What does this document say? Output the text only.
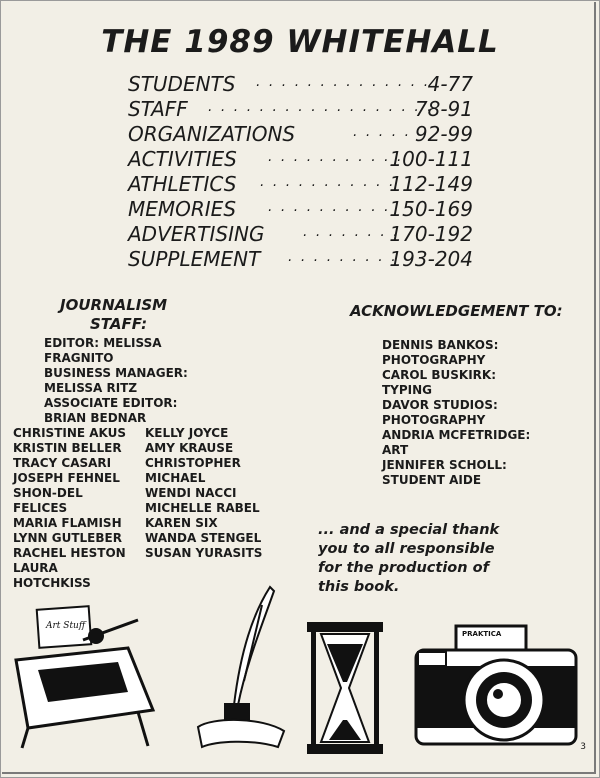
THE 1989 WHITEHALL
STUDENTS . . . . . . . . . . . . . .
4-77
STAFF . . . . . . . . . . . . . . . . . .
78-91
ORGANIZATIONS	. . . . . 92-99
ACTIVITIES . . . . . . . . . . .
100-111
ATHLETICS . . . . . . . . . . .
112-149
MEMORIES . . . . . . . . . .
150-169
ADVERTISING	. . . . . . . .
170-192
SUPPLEMENT . . . . . . . . .
193-204
JOURNALISM
STAFF:
EDITOR: MELISSA
FRAGNITO
BUSINESS MANAGER:
MELISSA RITZ
ASSOCIATE EDITOR:
BRIAN BEDNAR
CHRISTINE AKUS
KRISTIN BELLER
TRACY CASARI
JOSEPH FEHNEL
SHON-DEL
FELICES
MARIA FLAMISH
LYNN GUTLEBER
RACHEL HESTON
LAURA
HOTCHKISS
KELLY JOYCE
AMY KRAUSE
CHRISTOPHER
MICHAEL
WENDI NACCI
MICHELLE RABEL
KAREN SIX
WANDA STENGEL
SUSAN YURASITS
ACKNOWLEDGEMENT TO:
DENNIS BANKOS:
PHOTOGRAPHY
CAROL BUSKIRK:
TYPING
DAVOR STUDIOS:
PHOTOGRAPHY
ANDRIA MCFETRIDGE:
ART
JENNIFER SCHOLL:
STUDENT AIDE
... and a special thank
you to all responsible
for the production of
this book.
Art Stuff
PRAKTICA
3
